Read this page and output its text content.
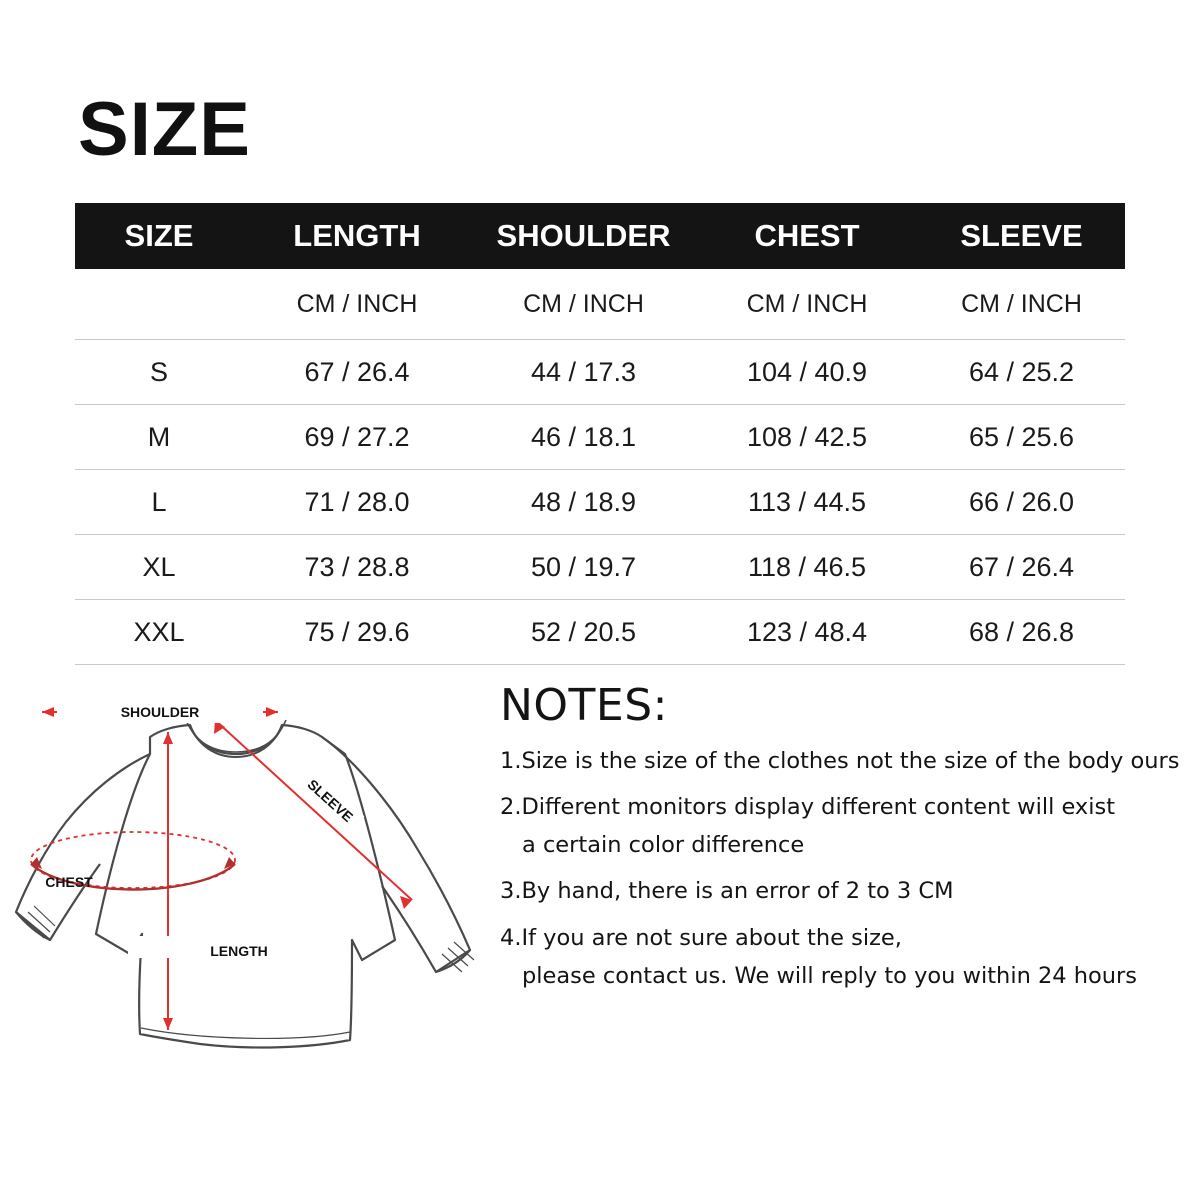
SIZE
SIZE	LENGTH	SHOULDER	CHEST	SLEEVE
	CM / INCH	CM / INCH	CM / INCH	CM / INCH
S	67 / 26.4	44 / 17.3	104 / 40.9	64 / 25.2
M	69 / 27.2	46 / 18.1	108 / 42.5	65 / 25.6
L	71 / 28.0	48 / 18.9	113 / 44.5	66 / 26.0
XL	73 / 28.8	50 / 19.7	118 / 46.5	67 / 26.4
XXL	75 / 29.6	52 / 20.5	123 / 48.4	68 / 26.8
SHOULDER
CHEST
LENGTH
SLEEVE
NOTES:

1.Size is the size of the clothes not the size of the body ours

2.Different monitors display different content will exist

a certain color difference

3.By hand, there is an error of 2 to 3 CM

4.If you are not sure about the size,

please contact us. We will reply to you within 24 hours
